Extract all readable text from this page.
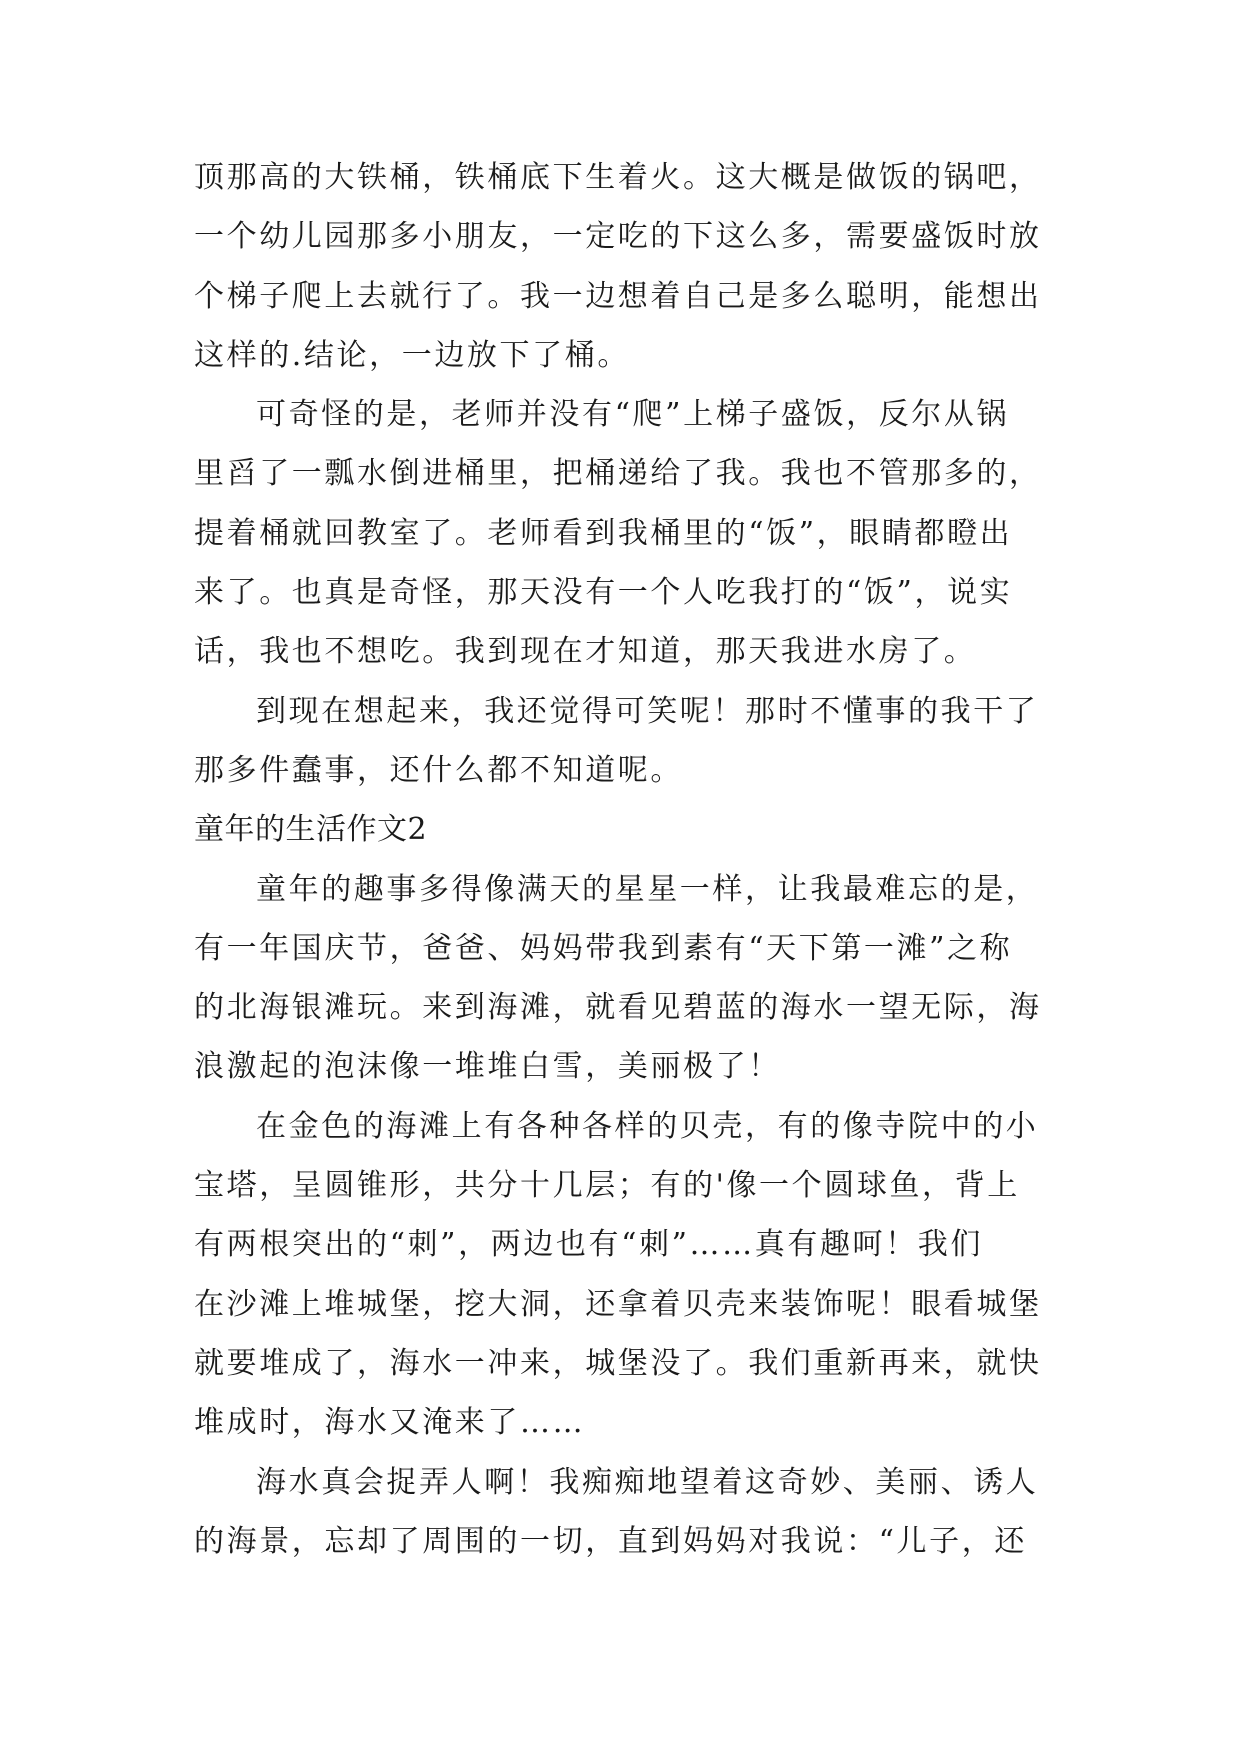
顶那高的大铁桶，铁桶底下生着火。这大概是做饭的锅吧，
一个幼儿园那多小朋友，一定吃的下这么多，需要盛饭时放
个梯子爬上去就行了。我一边想着自己是多么聪明，能想出
这样的.结论，一边放下了桶。
可奇怪的是，老师并没有“爬”上梯子盛饭，反尔从锅
里舀了一瓢水倒进桶里，把桶递给了我。我也不管那多的，
提着桶就回教室了。老师看到我桶里的“饭”，眼睛都瞪出
来了。也真是奇怪，那天没有一个人吃我打的“饭”，说实
话，我也不想吃。我到现在才知道，那天我进水房了。
到现在想起来，我还觉得可笑呢！那时不懂事的我干了
那多件蠢事，还什么都不知道呢。
童年的生活作文2
童年的趣事多得像满天的星星一样，让我最难忘的是，
有一年国庆节，爸爸、妈妈带我到素有“天下第一滩”之称
的北海银滩玩。来到海滩，就看见碧蓝的海水一望无际，海
浪激起的泡沫像一堆堆白雪，美丽极了！
在金色的海滩上有各种各样的贝壳，有的像寺院中的小
宝塔，呈圆锥形，共分十几层；有的'像一个圆球鱼，背上
有两根突出的“刺”，两边也有“刺”……真有趣呵！我们
在沙滩上堆城堡，挖大洞，还拿着贝壳来装饰呢！眼看城堡
就要堆成了，海水一冲来，城堡没了。我们重新再来，就快
堆成时，海水又淹来了……
海水真会捉弄人啊！我痴痴地望着这奇妙、美丽、诱人
的海景，忘却了周围的一切，直到妈妈对我说：“儿子，还
